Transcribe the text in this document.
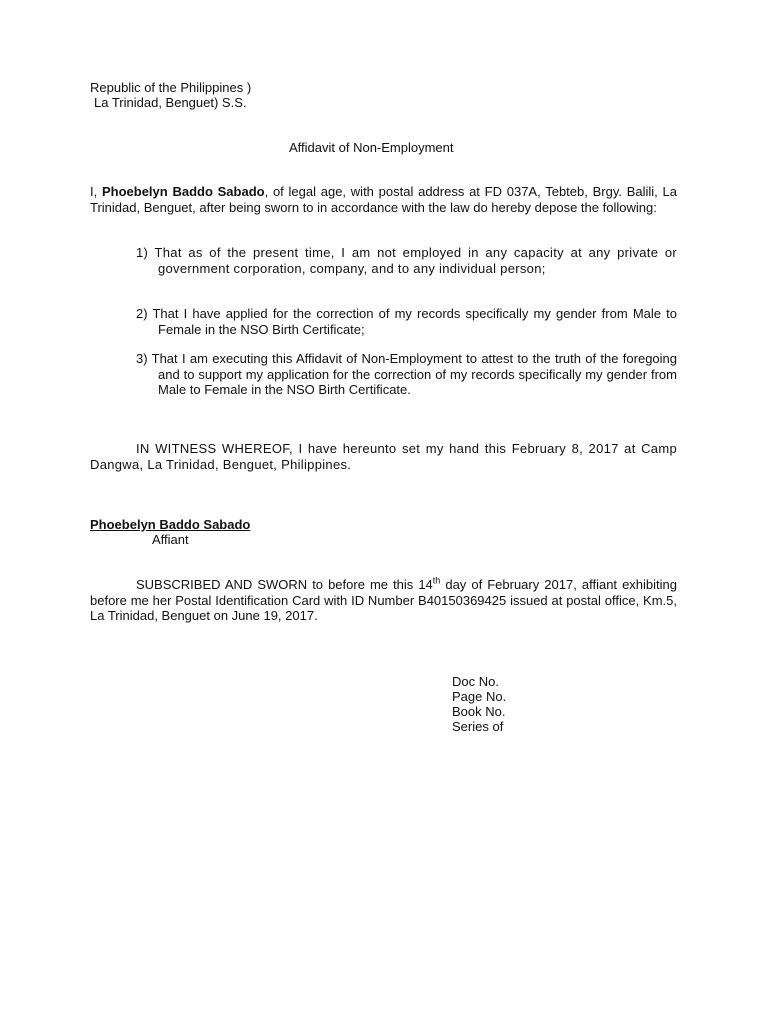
Republic of the Philippines )
La Trinidad, Benguet) S.S.
Affidavit of Non-Employment
I, Phoebelyn Baddo Sabado, of legal age, with postal address at FD 037A, Tebteb, Brgy. Balili, La Trinidad, Benguet, after being sworn to in accordance with the law do hereby depose the following:
1) That as of the present time, I am not employed in any capacity at any private or government corporation, company, and to any individual person;
2) That I have applied for the correction of my records specifically my gender from Male to Female in the NSO Birth Certificate;
3) That I am executing this Affidavit of Non-Employment to attest to the truth of the foregoing and to support my application for the correction of my records specifically my gender from Male to Female in the NSO Birth Certificate.
IN WITNESS WHEREOF, I have hereunto set my hand this February 8, 2017 at Camp Dangwa, La Trinidad, Benguet, Philippines.
Phoebelyn Baddo Sabado
Affiant
SUBSCRIBED AND SWORN to before me this 14th day of February 2017, affiant exhibiting before me her Postal Identification Card with ID Number B40150369425 issued at postal office, Km.5, La Trinidad, Benguet on June 19, 2017.
Doc No.
Page No.
Book No.
Series of
